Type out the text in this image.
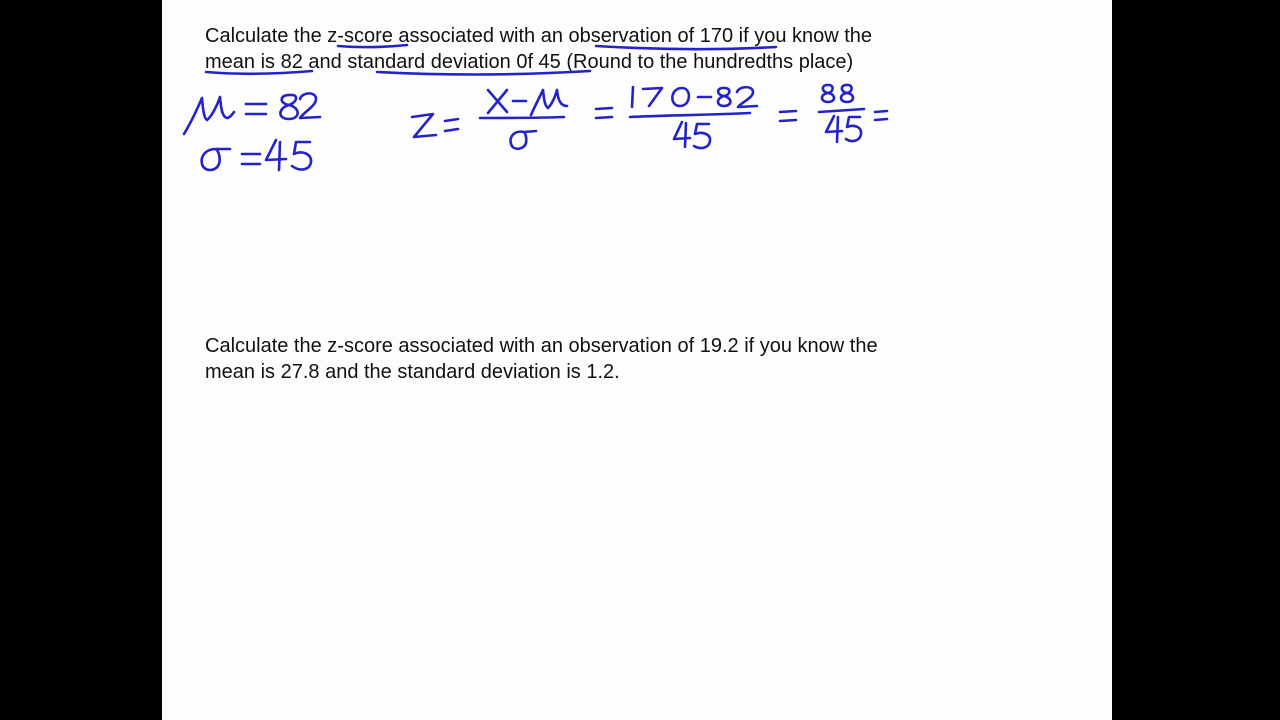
Calculate the z-score associated with an observation of 170 if you know the
mean is 82 and standard deviation 0f 45 (Round to the hundredths place)

Calculate the z-score associated with an observation of 19.2 if you know the
mean is 27.8 and the standard deviation is 1.2.
